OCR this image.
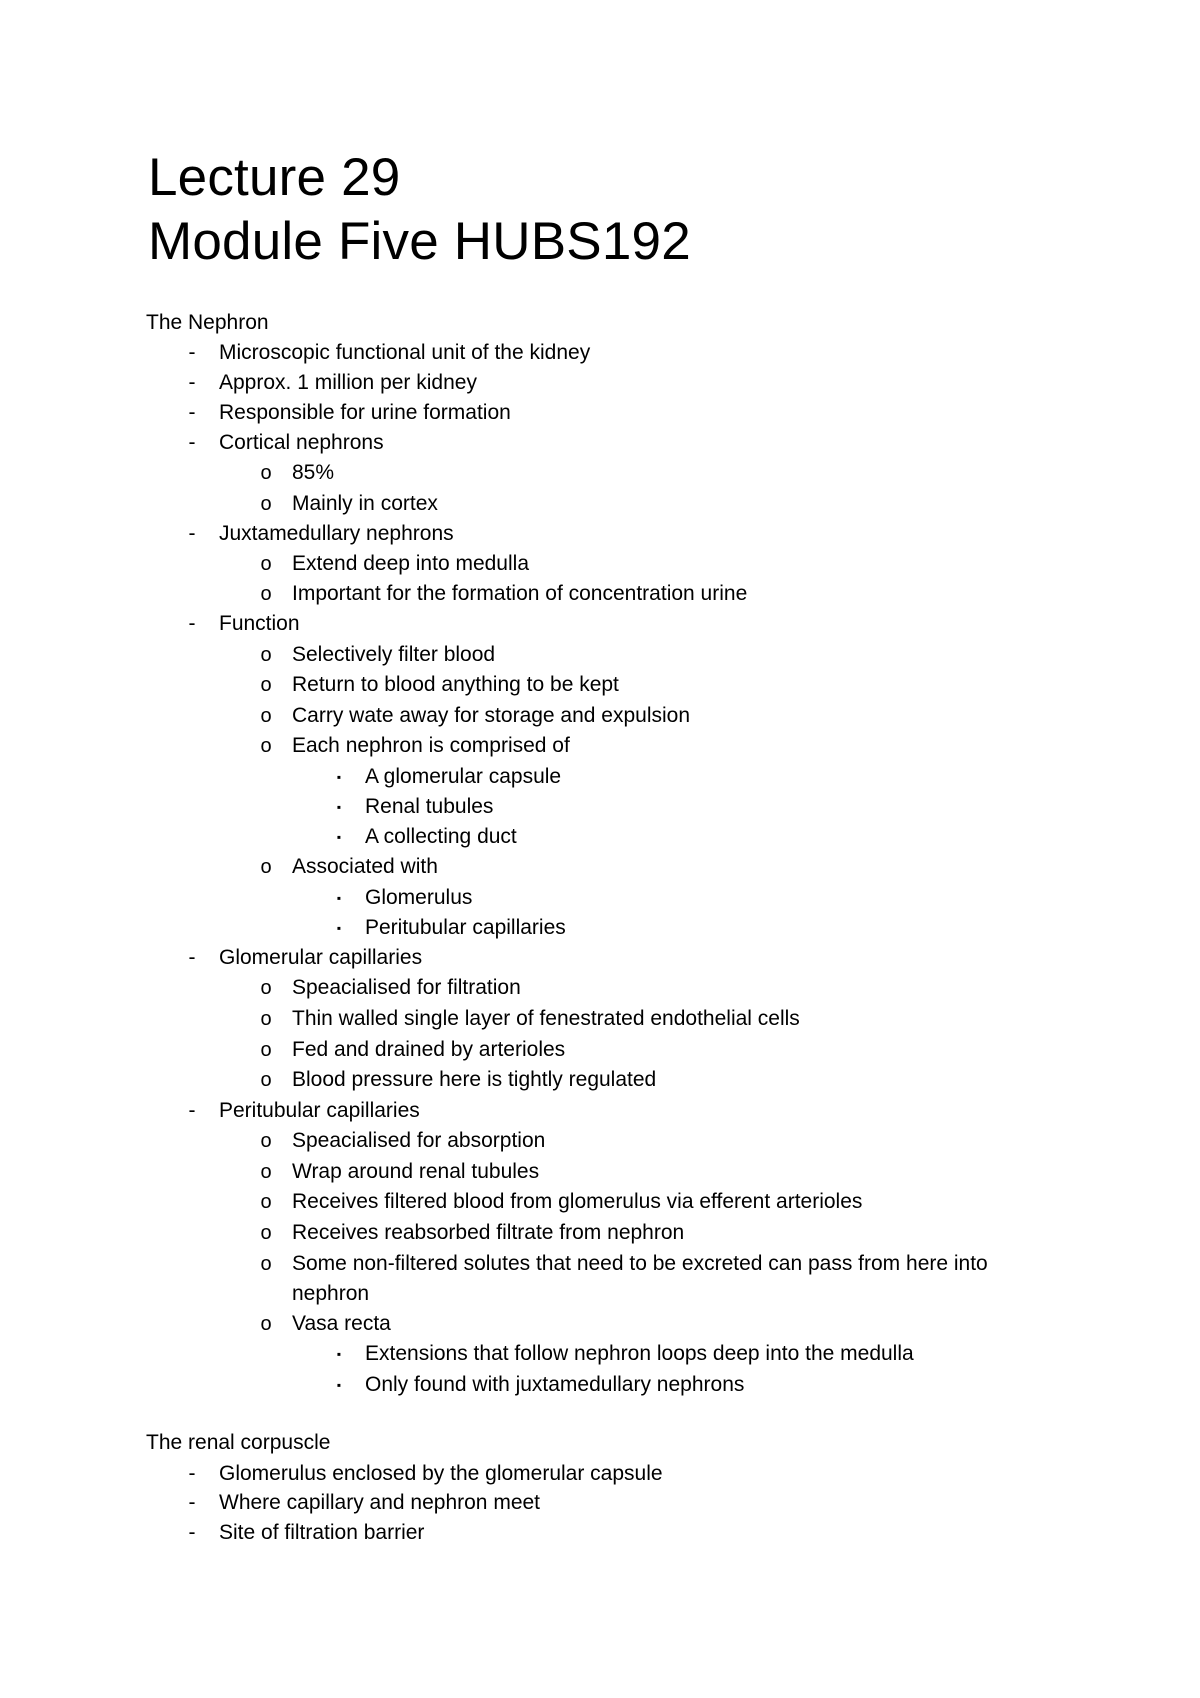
Lecture 29
Module Five HUBS192
The Nephron
-	Microscopic functional unit of the kidney
-	Approx. 1 million per kidney
-	Responsible for urine formation
-	Cortical nephrons
o 85%
o Mainly in cortex
-	Juxtamedullary nephrons
o Extend deep into medulla
o Important for the formation of concentration urine
-	Function
o Selectively filter blood
o Return to blood anything to be kept
o Carry wate away for storage and expulsion
o Each nephron is comprised of
▪	A glomerular capsule
▪	Renal tubules
▪	A collecting duct
o Associated with
▪	Glomerulus
▪	Peritubular capillaries
-	Glomerular capillaries
o Speacialised for filtration
o Thin walled single layer of fenestrated endothelial cells
o Fed and drained by arterioles
o Blood pressure here is tightly regulated
-	Peritubular capillaries
o Speacialised for absorption
o Wrap around renal tubules
o Receives filtered blood from glomerulus via efferent arterioles
o Receives reabsorbed filtrate from nephron
o Some non-filtered solutes that need to be excreted can pass from here into
nephron
o Vasa recta
▪	Extensions that follow nephron loops deep into the medulla
▪	Only found with juxtamedullary nephrons
The renal corpuscle
-	Glomerulus enclosed by the glomerular capsule
-	Where capillary and nephron meet
-	Site of filtration barrier
